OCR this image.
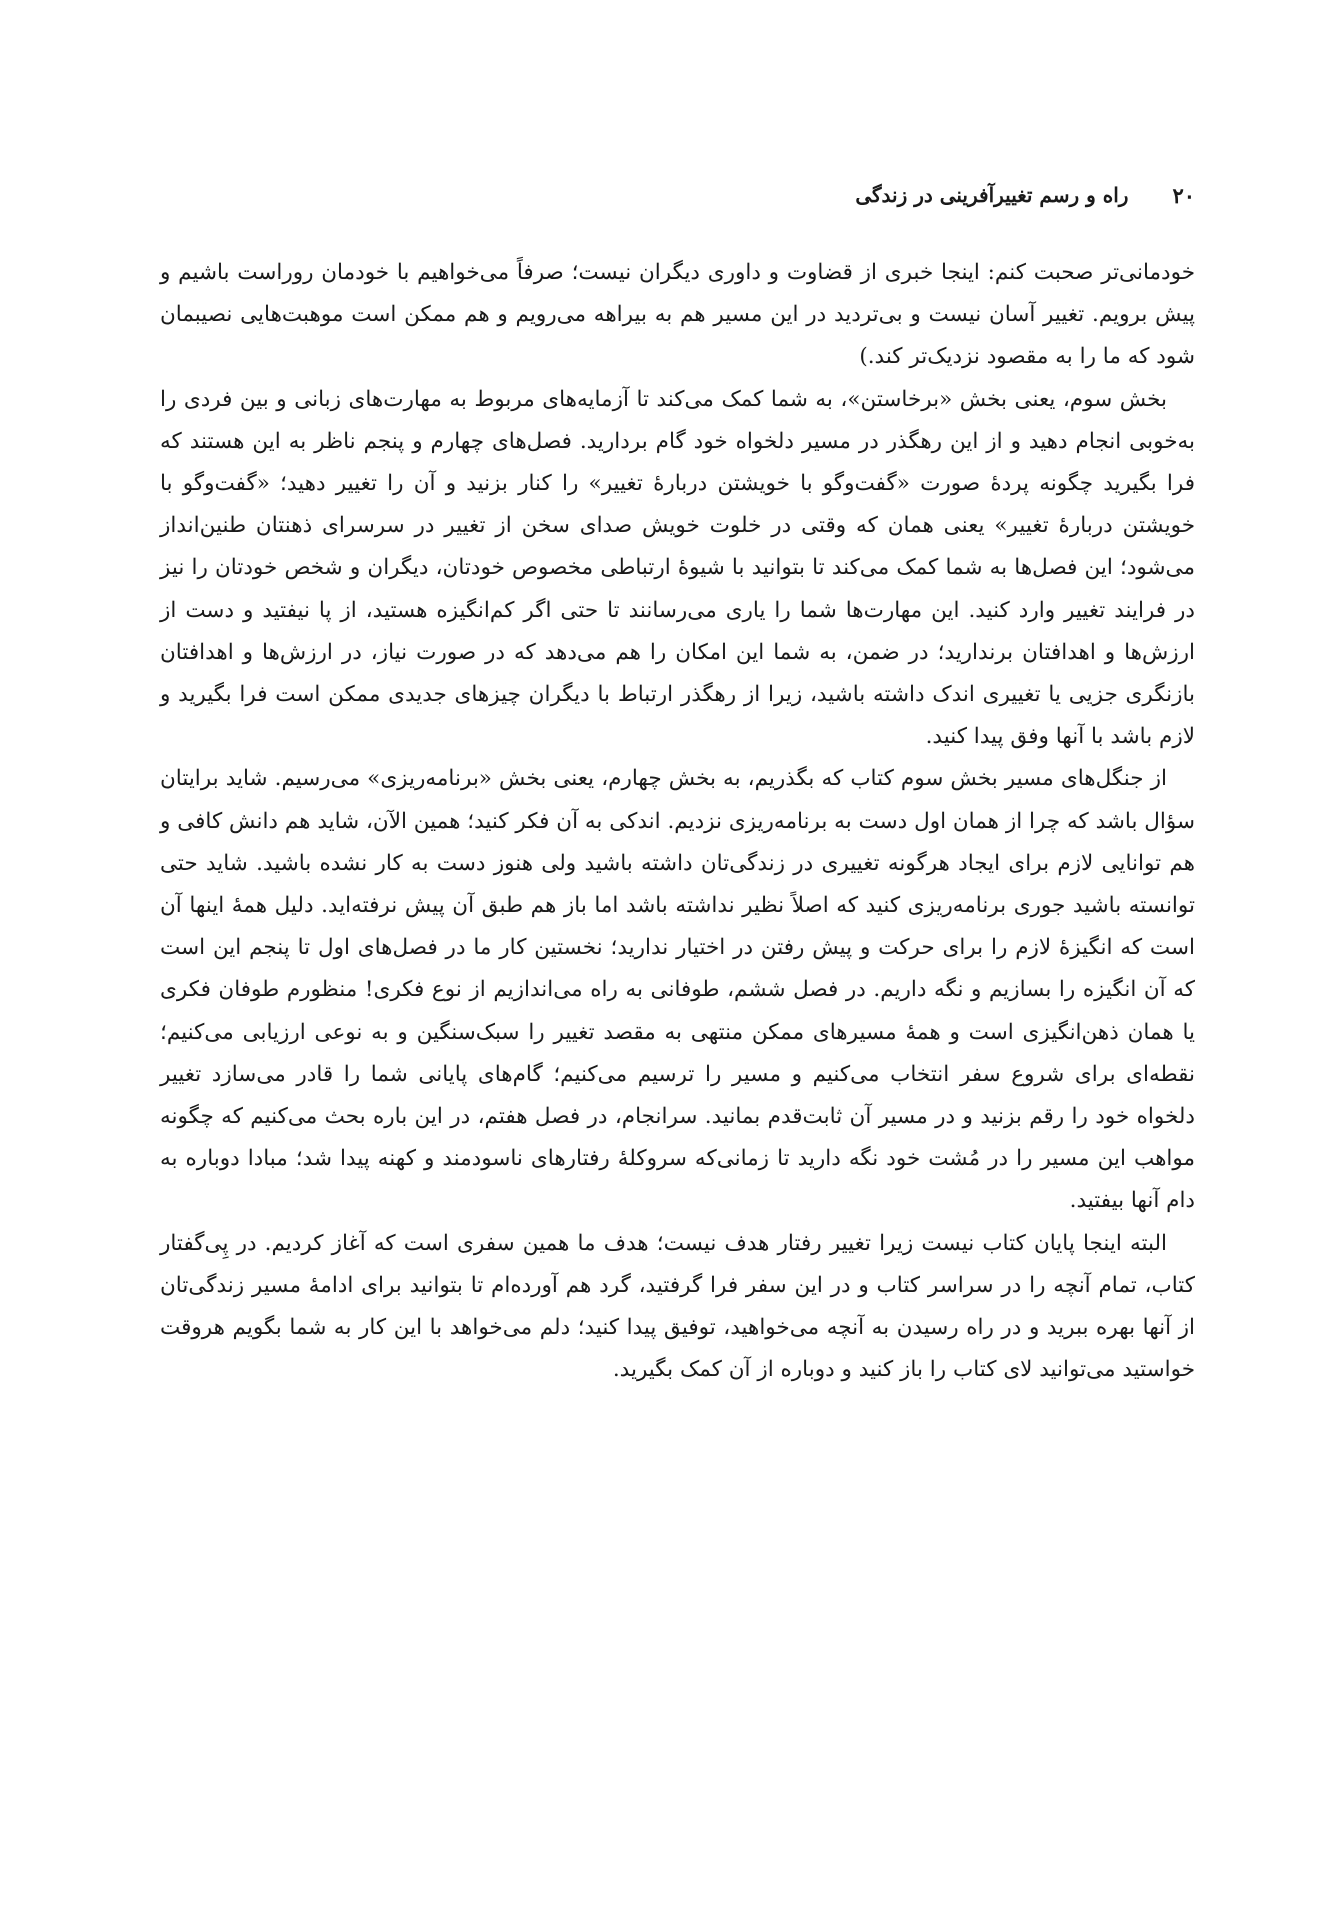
۲۰
راه و رسم تغییرآفرینی در زندگی

خودمانی‌تر صحبت کنم: اینجا خبری از قضاوت و داوری دیگران نیست؛ صرفاً می‌خواهیم با خودمان روراست باشیم و پیش برویم. تغییر آسان نیست و بی‌تردید در این مسیر هم به بیراهه می‌رویم و هم ممکن است موهبت‌هایی نصیبمان شود که ما را به مقصود نزدیک‌تر کند.)

بخش سوم، یعنی بخش «برخاستن»، به شما کمک می‌کند تا آزمایه‌های مربوط به مهارت‌های زبانی و بین فردی را به‌خوبی انجام دهید و از این رهگذر در مسیر دلخواه خود گام بردارید. فصل‌های چهارم و پنجم ناظر به این هستند که فرا بگیرید چگونه پردهٔ صورت «گفت‌وگو با خویشتن دربارهٔ تغییر» را کنار بزنید و آن را تغییر دهید؛ «گفت‌وگو با خویشتن دربارهٔ تغییر» یعنی همان که وقتی در خلوت خویش صدای سخن از تغییر در سرسرای ذهنتان طنین‌انداز می‌شود؛ این فصل‌ها به شما کمک می‌کند تا بتوانید با شیوهٔ ارتباطی مخصوص خودتان، دیگران و شخص خودتان را نیز در فرایند تغییر وارد کنید. این مهارت‌ها شما را یاری می‌رسانند تا حتی اگر کم‌انگیزه هستید، از پا نیفتید و دست از ارزش‌ها و اهدافتان برندارید؛ در ضمن، به شما این امکان را هم می‌دهد که در صورت نیاز، در ارزش‌ها و اهدافتان بازنگری جزیی یا تغییری اندک داشته باشید، زیرا از رهگذر ارتباط با دیگران چیزهای جدیدی ممکن است فرا بگیرید و لازم باشد با آنها وفق پیدا کنید.

از جنگل‌های مسیر بخش سوم کتاب که بگذریم، به بخش چهارم، یعنی بخش «برنامه‌ریزی» می‌رسیم. شاید برایتان سؤال باشد که چرا از همان اول دست به برنامه‌ریزی نزدیم. اندکی به آن فکر کنید؛ همین الآن، شاید هم دانش کافی و هم توانایی لازم برای ایجاد هرگونه تغییری در زندگی‌تان داشته باشید ولی هنوز دست به کار نشده باشید. شاید حتی توانسته باشید جوری برنامه‌ریزی کنید که اصلاً نظیر نداشته باشد اما باز هم طبق آن پیش نرفته‌اید. دلیل همهٔ اینها آن است که انگیزهٔ لازم را برای حرکت و پیش رفتن در اختیار ندارید؛ نخستین کار ما در فصل‌های اول تا پنجم این است که آن انگیزه را بسازیم و نگه داریم. در فصل ششم، طوفانی به راه می‌اندازیم از نوع فکری! منظورم طوفان فکری یا همان ذهن‌انگیزی است و همهٔ مسیرهای ممکن منتهی به مقصد تغییر را سبک‌سنگین و به نوعی ارزیابی می‌کنیم؛ نقطه‌ای برای شروع سفر انتخاب می‌کنیم و مسیر را ترسیم می‌کنیم؛ گام‌های پایانی شما را قادر می‌سازد تغییر دلخواه خود را رقم بزنید و در مسیر آن ثابت‌قدم بمانید. سرانجام، در فصل هفتم، در این باره بحث می‌کنیم که چگونه مواهب این مسیر را در مُشت خود نگه دارید تا زمانی‌که سروکلهٔ رفتارهای ناسودمند و کهنه پیدا شد؛ مبادا دوباره به دام آنها بیفتید.

البته اینجا پایان کتاب نیست زیرا تغییر رفتار هدف نیست؛ هدف ما همین سفری است که آغاز کردیم. در پِی‌گفتار کتاب، تمام آنچه را در سراسر کتاب و در این سفر فرا گرفتید، گرد هم آورده‌ام تا بتوانید برای ادامهٔ مسیر زندگی‌تان از آنها بهره ببرید و در راه رسیدن به آنچه می‌خواهید، توفیق پیدا کنید؛ دلم می‌خواهد با این کار به شما بگویم هروقت خواستید می‌توانید لای کتاب را باز کنید و دوباره از آن کمک بگیرید.
